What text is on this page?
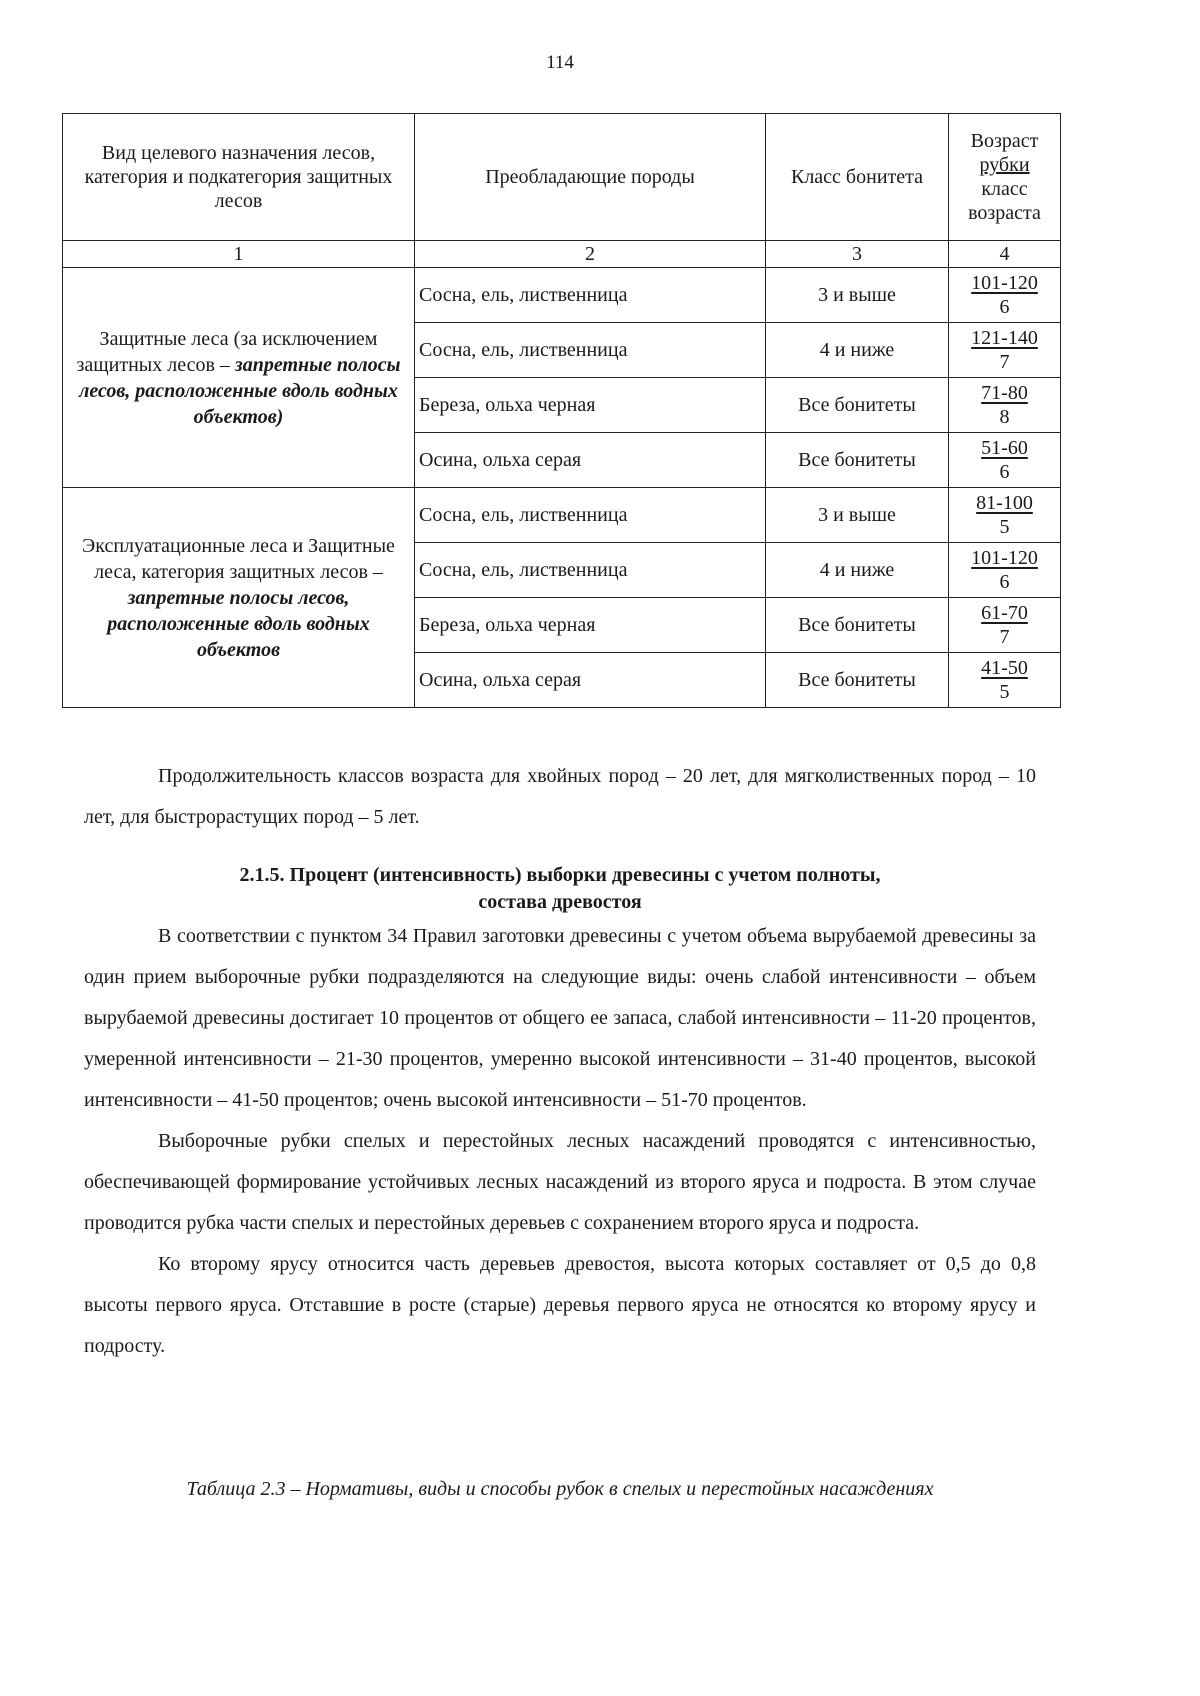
114
Вид целевого назначения лесов, категория и подкатегория защитных лесов	Преобладающие породы	Класс бонитета	Возраст
рубки
класс
возраста
1	2	3	4
Защитные леса (за исключением защитных лесов – запретные полосы лесов, расположенные вдоль водных объектов)	Сосна, ель, лиственница	3 и выше	$\frac{101-120}{6}$

	Сосна, ель, лиственница	4 и ниже	$\frac{121-140}{7}$

	Береза, ольха черная	Все бонитеты	$\frac{71-80}{8}$

	Осина, ольха серая	Все бонитеты	$\frac{51-60}{6}$

Эксплуатационные леса и Защитные леса, категория защитных лесов – запретные полосы лесов, расположенные вдоль водных объектов	Сосна, ель, лиственница	3 и выше	$\frac{81-100}{5}$

	Сосна, ель, лиственница	4 и ниже	$\frac{101-120}{6}$

	Береза, ольха черная	Все бонитеты	$\frac{61-70}{7}$

	Осина, ольха серая	Все бонитеты	$\frac{41-50}{5}$

Продолжительность классов возраста для хвойных пород – 20 лет, для мягколиственных пород – 10 лет, для быстрорастущих пород – 5 лет.

2.1.5. Процент (интенсивность) выборки древесины с учетом полноты,
состава древостоя

В соответствии с пунктом 34 Правил заготовки древесины с учетом объема вырубаемой древесины за один прием выборочные рубки подразделяются на следующие виды: очень слабой интенсивности – объем вырубаемой древесины достигает 10 процентов от общего ее запаса, слабой интенсивности – 11-20 процентов, умеренной интенсивности – 21-30 процентов, умеренно высокой интенсивности – 31-40 процентов, высокой интенсивности – 41-50 процентов; очень высокой интенсивности – 51-70 процентов.

Выборочные рубки спелых и перестойных лесных насаждений проводятся с интенсивностью, обеспечивающей формирование устойчивых лесных насаждений из второго яруса и подроста. В этом случае проводится рубка части спелых и перестойных деревьев с сохранением второго яруса и подроста.

Ко второму ярусу относится часть деревьев древостоя, высота которых составляет от 0,5 до 0,8 высоты первого яруса. Отставшие в росте (старые) деревья первого яруса не относятся ко второму ярусу и подросту.

Таблица 2.3 – Нормативы, виды и способы рубок в спелых и перестойных насаждениях
